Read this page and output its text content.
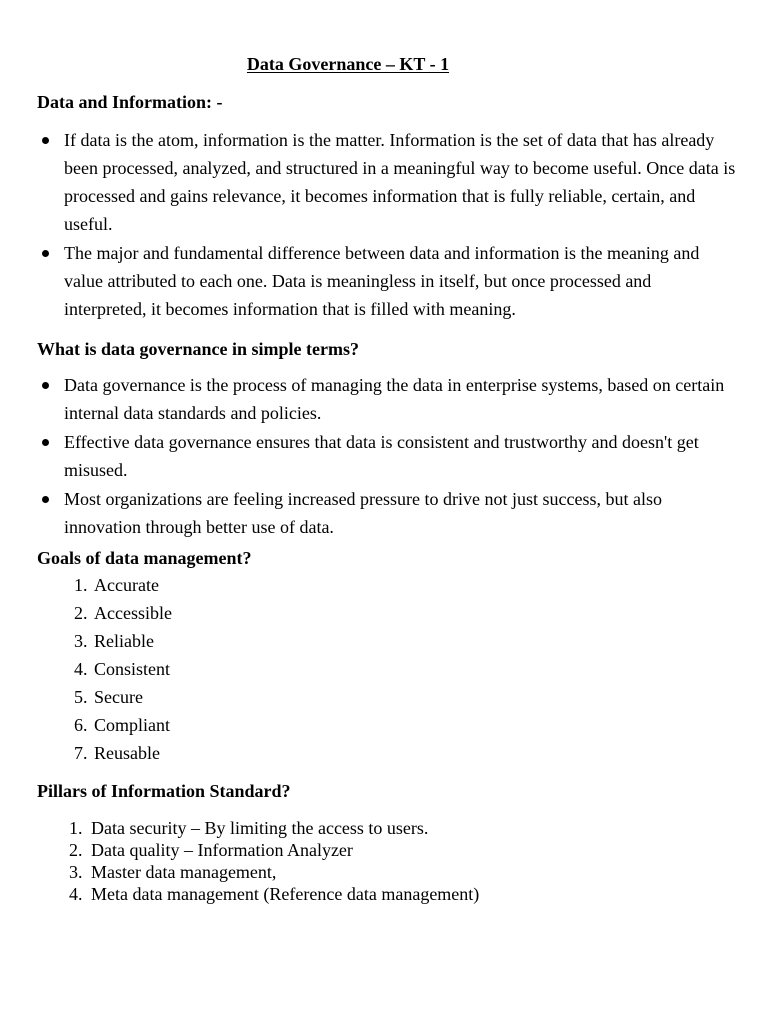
Data Governance – KT - 1
Data and Information: -
If data is the atom, information is the matter. Information is the set of data that has already been processed, analyzed, and structured in a meaningful way to become useful. Once data is processed and gains relevance, it becomes information that is fully reliable, certain, and useful.
The major and fundamental difference between data and information is the meaning and value attributed to each one. Data is meaningless in itself, but once processed and interpreted, it becomes information that is filled with meaning.
What is data governance in simple terms?
Data governance is the process of managing the data in enterprise systems, based on certain internal data standards and policies.
Effective data governance ensures that data is consistent and trustworthy and doesn't get misused.
Most organizations are feeling increased pressure to drive not just success, but also innovation through better use of data.
Goals of data management?
1. Accurate
2. Accessible
3. Reliable
4. Consistent
5. Secure
6. Compliant
7. Reusable
Pillars of Information Standard?
1. Data security – By limiting the access to users.
2. Data quality – Information Analyzer
3. Master data management,
4. Meta data management (Reference data management)
